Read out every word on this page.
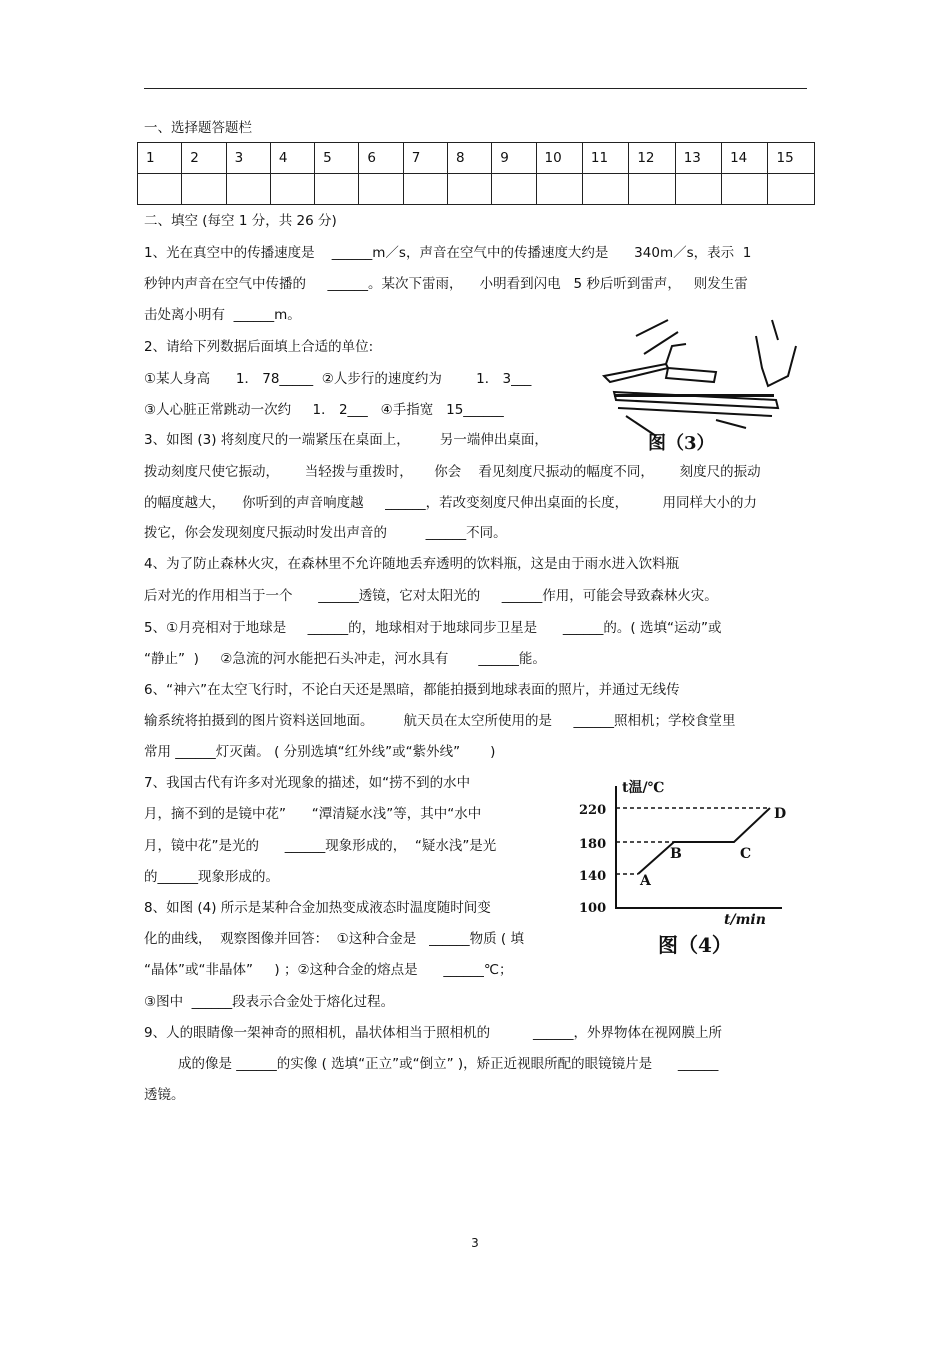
一、选择题答题栏
1	2	3	4	5	6	7	8	9	10	11	12	13	14	15

二、填空 (每空 1 分，共 26 分)
1、光在真空中的传播速度是    ______m／s，声音在空气中的传播速度大约是      340m／s，表示  1
秒钟内声音在空气中传播的     ______。某次下雷雨，    小明看到闪电   5 秒后听到雷声，   则发生雷
击处离小明有  ______m。
2、请给下列数据后面填上合适的单位:
①某人身高      1． 78_____  ②人步行的速度约为        1． 3___
③人心脏正常跳动一次约     1． 2___   ④手指宽   15______
3、如图 (3) 将刻度尺的一端紧压在桌面上，       另一端伸出桌面，
拨动刻度尺使它振动，      当轻拨与重拨时，     你会    看见刻度尺振动的幅度不同，      刻度尺的振动
的幅度越大，    你听到的声音响度越     ______，若改变刻度尺伸出桌面的长度，        用同样大小的力
拨它，你会发现刻度尺振动时发出声音的         ______不同。
4、为了防止森林火灾，在森林里不允许随地丢弃透明的饮料瓶，这是由于雨水进入饮料瓶
后对光的作用相当于一个      ______透镜，它对太阳光的     ______作用，可能会导致森林火灾。
5、①月亮相对于地球是     ______的，地球相对于地球同步卫星是      ______的。( 选填“运动”或
“静止”  )     ②急流的河水能把石头冲走，河水具有       ______能。
6、“神六”在太空飞行时，不论白天还是黑暗，都能拍摄到地球表面的照片，并通过无线传
输系统将拍摄到的图片资料送回地面。       航天员在太空所使用的是     ______照相机；学校食堂里
常用 ______灯灭菌。 ( 分别选填“红外线”或“紫外线”       )
7、我国古代有许多对光现象的描述，如“捞不到的水中
月，摘不到的是镜中花”      “潭清疑水浅”等，其中“水中
月，镜中花”是光的      ______现象形成的，  “疑水浅”是光
的______现象形成的。
8、如图 (4) 所示是某种合金加热变成液态时温度随时间变
化的曲线，  观察图像并回答：  ①这种合金是   ______物质 ( 填
“晶体”或“非晶体”     ) ；②这种合金的熔点是      ______℃；
③图中  ______段表示合金处于熔化过程。
9、人的眼睛像一架神奇的照相机，晶状体相当于照相机的          ______，外界物体在视网膜上所
成的像是 ______的实像 ( 选填“正立”或“倒立” )，矫正近视眼所配的眼镜镜片是      ______
透镜。
图（3）
t温/℃
220
180
140
100
t/min
A
B	C
D
图（4）
3
